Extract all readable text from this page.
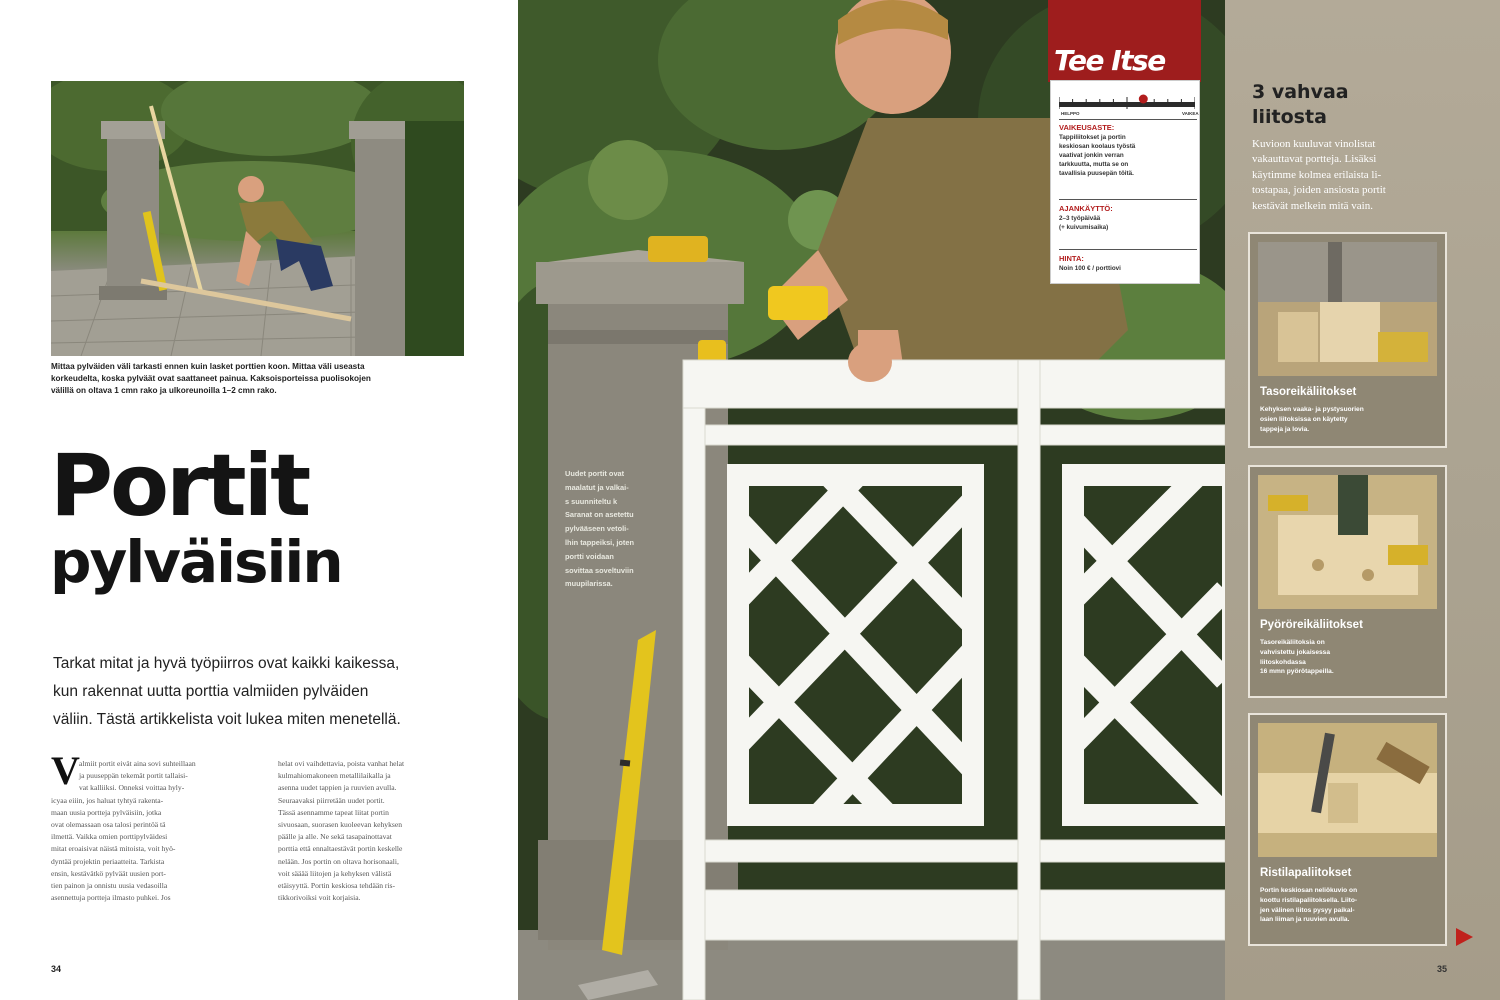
Mittaa pylväiden väli tarkasti ennen kuin lasket porttien koon. Mittaa väli useasta
korkeudelta, koska pylväät ovat saattaneet painua. Kaksoisporteissa puolisokojen
välillä on oltava 1 cmn rako ja ulkoreunoilla 1–2 cmn rako.
Portit
pylväisiin
Tarkat mitat ja hyvä työpiirros ovat kaikki kaikessa,
kun rakennat uutta porttia valmiiden pylväiden
väliin. Tästä artikkelista voit lukea miten menetellä.
V almiit portit eivät aina sovi suhteillaan
ja puuseppän tekemät portit tallaisi-
vat kalliiksi. Onneksi voittaa hyly-
icyaa eiiin, jos haluat tyhtyä rakenta-
maan uusia portteja pylväisiin, jotka
ovat olemassaan osa talosi perintöä tä
ilmettä. Vaikka omien porttipylväidesi
mitat eroaisivat näistä mitoista, voit hyö-
dyntää projektin periaatteita. Tarkista
ensin, kestävätkö pylväät uusien port-
tien painon ja onnistu uusia vedasoilla
asennettuja portteja ilmasto puhkei. Jos
helat ovi vaihdettavia, poista vanhat helat
kulmahiomakoneen metallilaikalla ja
asenna uudet tappien ja ruuvien avulla.
Seuraavaksi piirretään uudet portit.
Tässä asennamme tapeat liitat portin
sivuosaan, suorasen kuoleevan kehyksen
päälle ja alle. Ne sekä tasapainottavat
porttia että ennaltaestävät portin keskelle
nelään. Jos portin on oltava horisonaali,
voit sääää liitojen ja kehyksen välistä
etäisyyttä. Portin keskiosa tehdään ris-
tikkorivoiksi voit korjaisia.
34
Uudet portit ovat
maalatut ja valkai-
s suunniteltu k
Saranat on asetettu
pylvääseen vetoli-
lhin tappeiksi, joten
portti voidaan
sovittaa soveltuviin
muupilarissa.
Tee Itse
HELPPO	VAIKEA
VAIKEUSASTE:
Tappiliitokset ja portin
keskiosan koolaus työstä
vaativat jonkin verran
tarkkuutta, mutta se on
tavallisia puusepän töitä.
AJANKÄYTTÖ:
2–3 työpäivää
(+ kuivumisaika)
HINTA:
Noin 100 € / porttiovi
3 vahvaa
liitosta
Kuvioon kuuluvat vinolistat
vakauttavat portteja. Lisäksi
käytimme kolmea erilaista li-
tostapaa, joiden ansiosta portit
kestävät melkein mitä vain.
Tasoreikäliitokset
Kehyksen vaaka- ja pystysuorien
osien liitoksissa on käytetty
tappeja ja lovia.
Pyöröreikäliitokset
Tasoreikäliitoksia on
vahvistettu jokaisessa
liitoskohdassa
16 mmn pyörötappeilla.
Ristilapaliitokset
Portin keskiosan neliökuvio on
koottu ristilapaliitoksella. Liito-
jen välinen liitos pysyy paikal-
laan liiman ja ruuvien avulla.
35
